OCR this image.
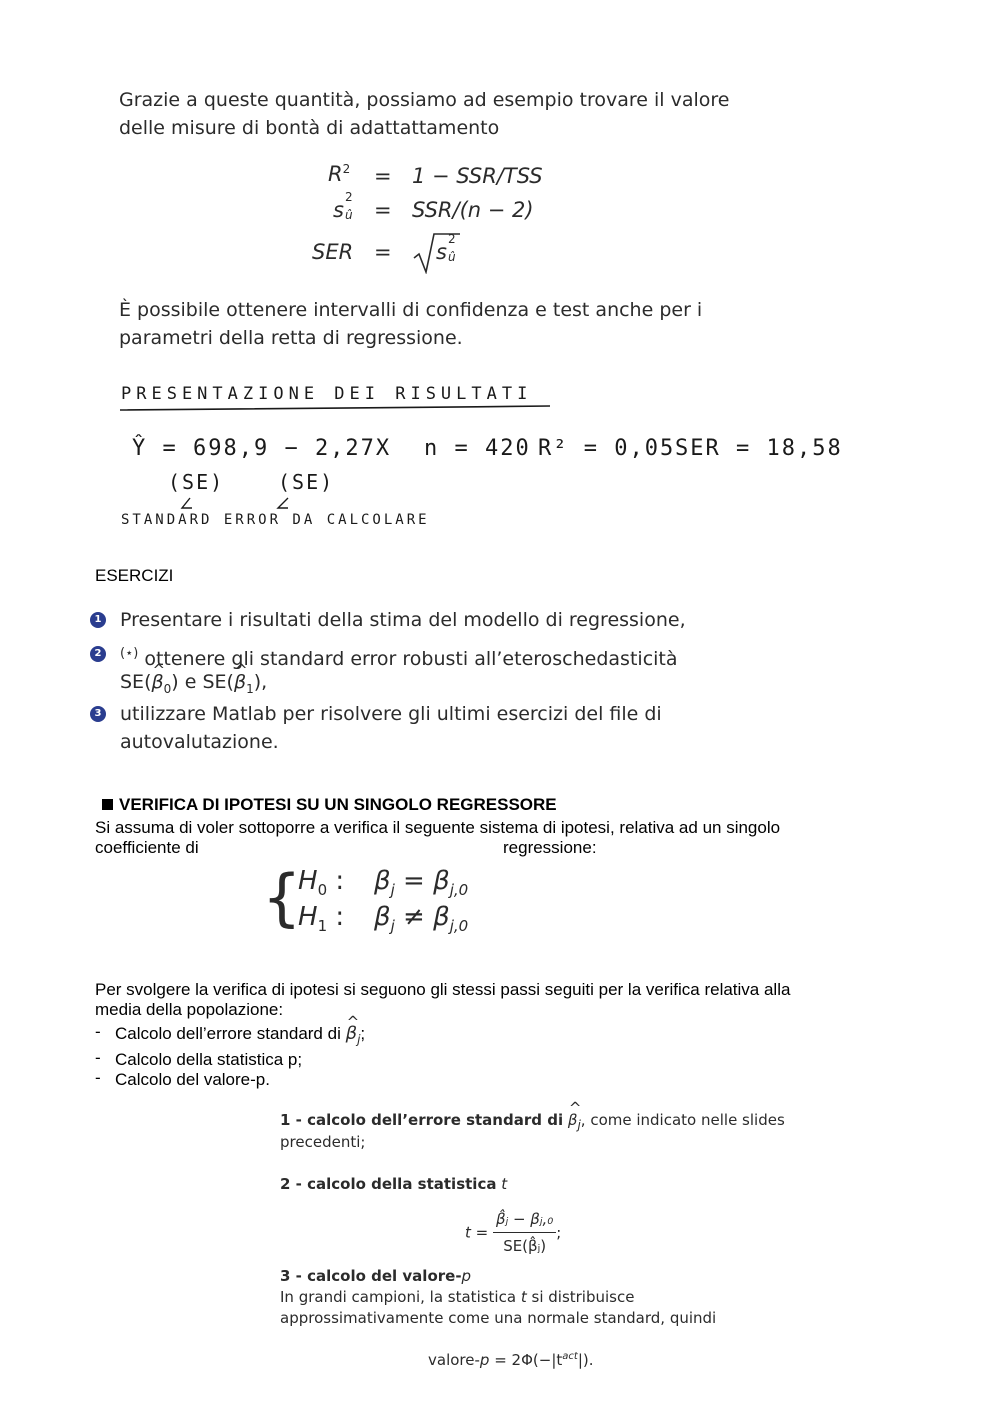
Grazie a queste quantità, possiamo ad esempio trovare il valore
delle misure di bontà di adattattamento
$R^2 = 1 - SSR/TSS$
s
2
û = SSR/(n − 2)
SER = s
2
û
È possibile ottenere intervalli di confidenza e test anche per i
parametri della retta di regressione.
PRESENTAZIONE DEI RISULTATI
Ŷ = 698,9 − 2,27X n = 420 R² = 0,05 SER = 18,58
(SE)	(SE)
STANDARD ERROR DA CALCOLARE
ESERCIZI
1 Presentare i risultati della stima del modello di regressione,
2	(⋆) ottenere gli standard error robusti all’eteroschedasticità
SE(^ $\beta_0$) e SE(^ $\beta_1$),
3 utilizzare Matlab per risolvere gli ultimi esercizi del file di
autovalutazione.
VERIFICA DI IPOTESI SU UN SINGOLO REGRESSORE
Si assuma di voler sottoporre a verifica il seguente sistema di ipotesi, relativa ad un singolo
coefficiente di	regressione:
{
$H_0$ : $\beta_j = \beta_{j,0}$
$H_1$ : $\beta_j \ne \beta_{j,0}$
Per svolgere la verifica di ipotesi si seguono gli stessi passi seguiti per la verifica relativa alla
media della popolazione:
- Calcolo dell’errore standard di ^ $\beta_j$;
- Calcolo della statistica p;
- Calcolo del valore-p.
1 - calcolo dell’errore standard di ^ $\beta_j$, come indicato nelle slides
precedenti;
2 - calcolo della statistica t
$t = \frac{\text{β̂ⱼ − βⱼ,₀}}{\text{SE(β̂ⱼ)}}$ ;
3 - calcolo del valore-p
In grandi campioni, la statistica t si distribuisce
approssimativamente come una normale standard, quindi
valore-p = $2\Phi(-|t^{act}|)$.
